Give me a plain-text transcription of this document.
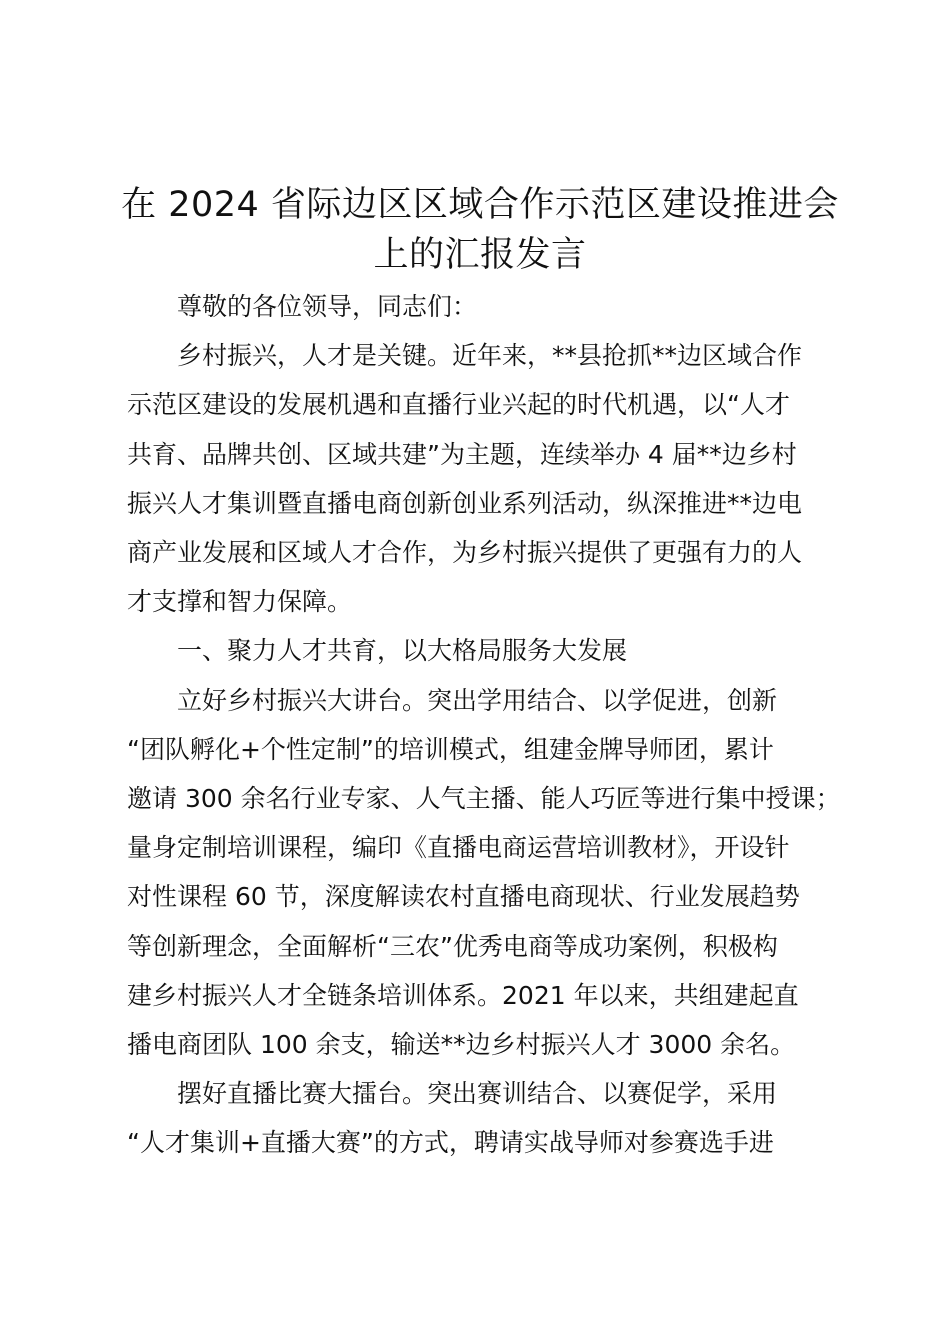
在 2024 省际边区区域合作示范区建设推进会
上的汇报发言

尊敬的各位领导，同志们：

乡村振兴，人才是关键。近年来，**县抢抓**边区域合作
示范区建设的发展机遇和直播行业兴起的时代机遇，以“人才
共育、品牌共创、区域共建”为主题，连续举办 4 届**边乡村
振兴人才集训暨直播电商创新创业系列活动，纵深推进**边电
商产业发展和区域人才合作，为乡村振兴提供了更强有力的人
才支撑和智力保障。

一、聚力人才共育，以大格局服务大发展

立好乡村振兴大讲台。突出学用结合、以学促进，创新
“团队孵化+个性定制”的培训模式，组建金牌导师团，累计
邀请 300 余名行业专家、人气主播、能人巧匠等进行集中授课；
量身定制培训课程，编印《直播电商运营培训教材》，开设针
对性课程 60 节，深度解读农村直播电商现状、行业发展趋势
等创新理念，全面解析“三农”优秀电商等成功案例，积极构
建乡村振兴人才全链条培训体系。2021 年以来，共组建起直
播电商团队 100 余支，输送**边乡村振兴人才 3000 余名。

摆好直播比赛大擂台。突出赛训结合、以赛促学，采用
“人才集训+直播大赛”的方式，聘请实战导师对参赛选手进
